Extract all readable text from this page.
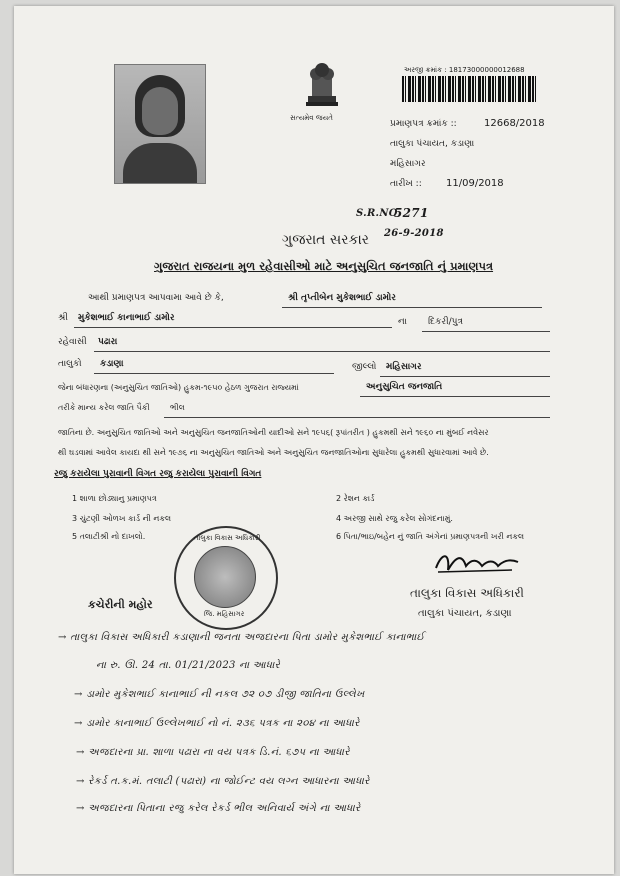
સત્યમેવ જયતે
અરજી ક્રમાંક : 18173000000012688
પ્રમાણપત્ર ક્રમાંક ::	12668/2018
તાલુકા પંચાયત, કડાણા
મહિસાગર
તારીખ :: 11/09/2018
S.R.NO
5271
26-9-2018
ગુજરાત સરકાર
ગુજરાત રાજયના મુળ રહેવાસીઓ માટે અનુસુચિત જનજાતિ નું પ્રમાણપત્ર
આથી પ્રમાણપત્ર આપવામા આવે છે કે,	શ્રી તૃપ્તીબેન મુકેશભાઈ ડામોર
શ્રી મુકેશભાઈ કાનાભાઈ ડામોર	ના દિકરી/પુત્ર
રહેવાસી પઢારા
તાલુકો કડાણા	જીલ્લો મહિસાગર
જેના બંધારણના (અનુસુચિત જાતિઓ) હુકમ-૧૯૫૦ હેઠળ ગુજરાત રાજ્યમાં	અનુસુચિત જનજાતિ
તરીકે માન્ય કરેલ જાતિ પૈકી	ભીલ
જાતિના છે. અનુસુચિત જાતિઓ અને અનુસુચિત જનજાતિઓની યાદીઓ સને ૧૯૫૬( રૂપાંતરીત ) હુકમથી સને ૧૯૬૦ ના મુંબઈ નવેસર
થી ઘડવામાં આવેલ કાયદા થી સને ૧૯૭૬ ના અનુસુચિત જાતિઓ અને અનુસુચિત જનજાતિઓના સુધારેલા હુકમથી સુધારવામાં આવે છે.
રજુ કરાયેલા પુરાવાની વિગત રજુ કરાયેલા પુરાવાની વિગત
1 શાળા છોડ્યાનુ પ્રમાણપત્ર	2 રેશન કાર્ડ
3 ચુંટણી ઓળખ કાર્ડ ની નકલ	4 અરજી સાથે રજુ કરેલ સોગંદનામું.
5 તલાટીશ્રી નો દાખલો.	6 પિતા/ભાઇ/બહેન નું જાતિ અંગેનાં પ્રમાણપત્રની ખરી નકલ
તાલુકા વિકાસ અધિકારી
જિ. મહિસાગર
કચેરીની મહોર
તાલુકા વિકાસ અધિકારી
તાલુકા પંચાયત, કડાણા
→ તાલુકા વિકાસ અધિકારી કડાણાની જનતા અજદારના પિતા ડામોર મુકેશભાઈ કાનાભાઈ
ના રુ. ઊ. 24 તા. 01/21/2023 ના આધારે
→ ડામોર મુકેશભાઈ કાનાભાઈ ની નકલ ૭૨ ૦૭ ડીજી જાતિના ઉલ્લેખ
→ ડામોર કાનાભાઈ ઉલ્લેખભાઈ નો નં. ૨૩૬ પત્રક ના ૨૦૪ ના આધારે
→ અજદારના પ્રા. શાળા પઢારા ના વય પત્રક ડિ.નં. ૬૭૫ ના આધારે
→ રેકર્ડ ત.ક.મં. તલાટી (પઢારા) ના જોઈન્ટ વય લગ્ન આધારના આધારે
→ અજદારના પિતાના રજુ કરેલ રેકર્ડ ભીલ અનિવાર્ય અંગે ના આધારે
